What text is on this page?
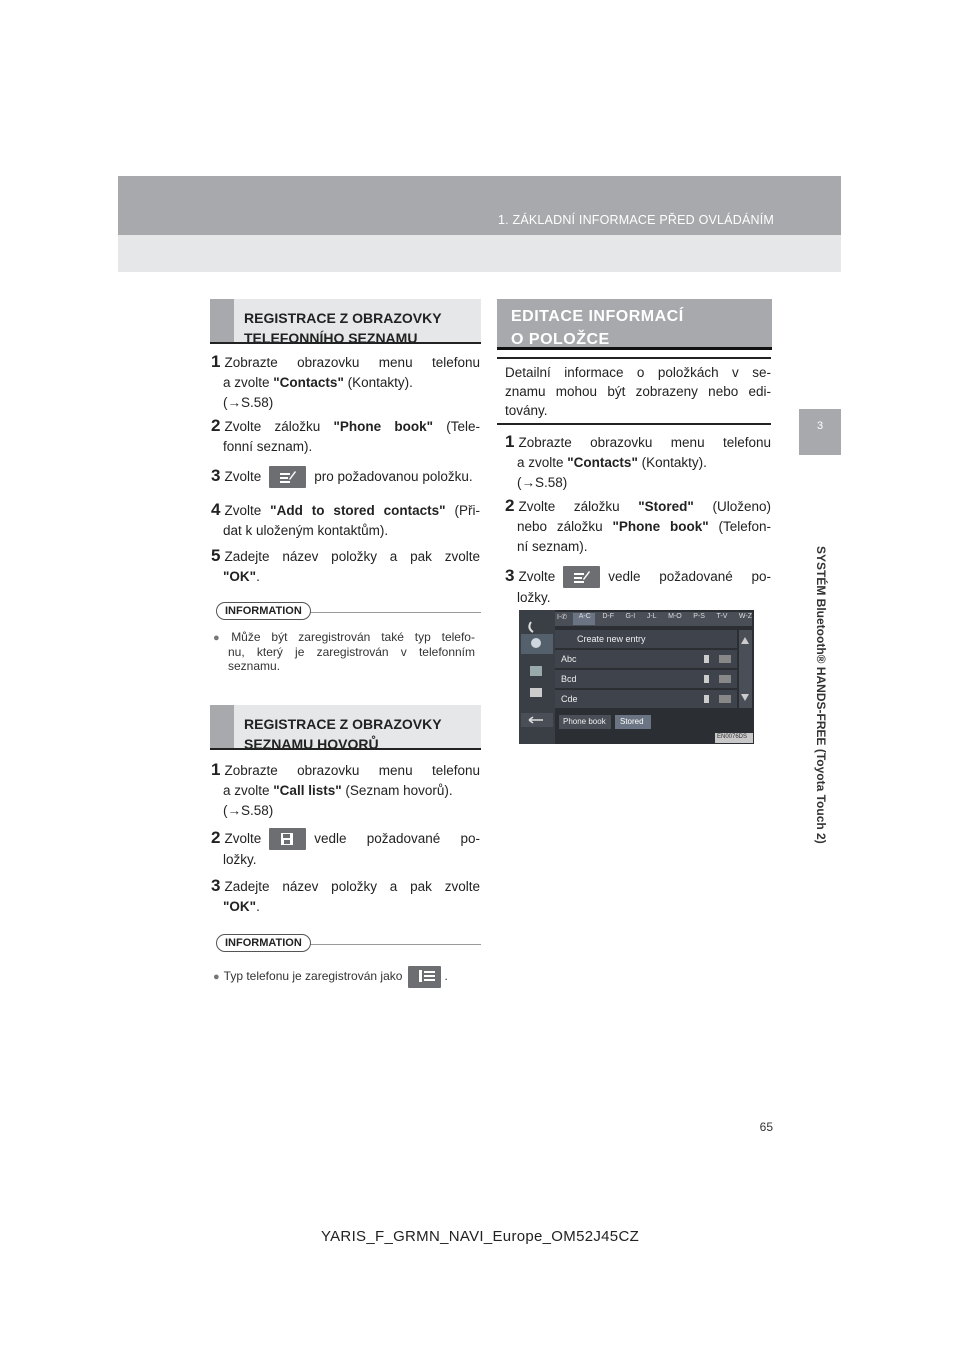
1. ZÁKLADNÍ INFORMACE PŘED OVLÁDÁNÍM
3
SYSTÉM Bluetooth® HANDS-FREE (Toyota Touch 2)
REGISTRACE Z OBRAZOVKY
TELEFONNÍHO SEZNAMU
1 Zobrazte obrazovku menu telefonu
a zvolte "Contacts" (Kontakty).
(→S.58)
2 Zvolte záložku "Phone book" (Tele-
fonní seznam).
3 Zvolte	pro požadovanou položku.
4 Zvolte "Add to stored contacts" (Při-
dat k uloženým kontaktům).
5 Zadejte název položky a pak zvolte
"OK".
INFORMATION
● Může být zaregistrován také typ telefo-
nu, který je zaregistrován v telefonním
seznamu.
REGISTRACE Z OBRAZOVKY
SEZNAMU HOVORŮ
1 Zobrazte obrazovku menu telefonu
a zvolte "Call lists" (Seznam hovorů).
(→S.58)
2 Zvolte	vedle požadované po-
ložky.
3 Zadejte název položky a pak zvolte
"OK".
INFORMATION
● Typ telefonu je zaregistrován jako	.
EDITACE INFORMACÍ
O POLOŽCE
Detailní informace o položkách v se-
znamu mohou být zobrazeny nebo edi-
továny.
1 Zobrazte obrazovku menu telefonu
a zvolte "Contacts" (Kontakty).
(→S.58)
2 Zvolte záložku "Stored" (Uloženo)
nebo záložku "Phone book" (Telefon-
ní seznam).
3 Zvolte	vedle požadované po-
ložky.
I-✆ A-C D-F G-I J-L M-O P-S T-V W-Z
Create new entry
Abc
Bcd
Cde
Phone book Stored
EN0076DS
65
YARIS_F_GRMN_NAVI_Europe_OM52J45CZ
